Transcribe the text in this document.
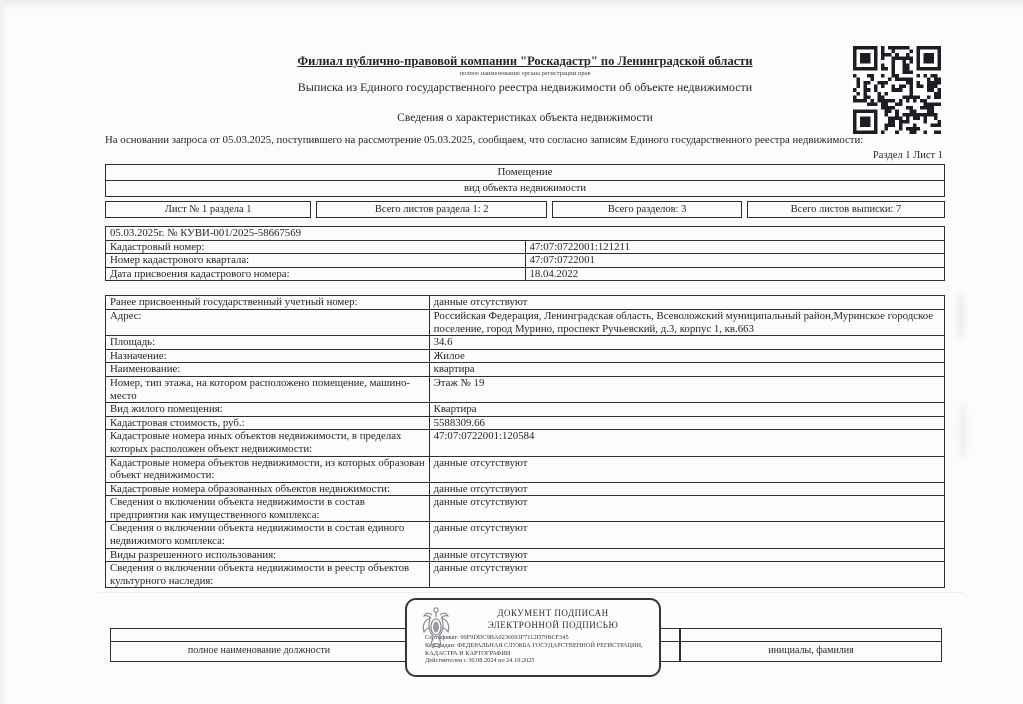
Филиал публично-правовой компании "Роскадастр" по Ленинградской области
полное наименование органа регистрации прав
Выписка из Единого государственного реестра недвижимости об объекте недвижимости
Сведения о характеристиках объекта недвижимости
На основании запроса от 05.03.2025, поступившего на рассмотрение 05.03.2025, сообщаем, что согласно записям Единого государственного реестра недвижимости:
Раздел 1 Лист 1
Помещение
вид объекта недвижимости
Лист № 1 раздела 1	Всего листов раздела 1: 2	Всего разделов: 3	Всего листов выписки: 7
05.03.2025г. № КУВИ-001/2025-58667569	
Кадастровый номер:	47:07:0722001:121211
Номер кадастрового квартала:	47:07:0722001
Дата присвоения кадастрового номера:	18.04.2022
Ранее присвоенный государственный учетный номер:	данные отсутствуют
Адрес:	Российская Федерация, Ленинградская область, Всеволожский муниципальный район,Муринское городское поселение, город Мурино, проспект Ручьевский, д.3, корпус 1, кв.663
Площадь:	34.6
Назначение:	Жилое
Наименование:	квартира
Номер, тип этажа, на котором расположено помещение, машино-место	Этаж № 19
Вид жилого помещения:	Квартира
Кадастровая стоимость, руб.:	5588309.66
Кадастровые номера иных объектов недвижимости, в пределах которых расположен объект недвижимости:	47:07:0722001:120584
Кадастровые номера объектов недвижимости, из которых образован объект недвижимости:	данные отсутствуют
Кадастровые номера образованных объектов недвижимости:	данные отсутствуют
Сведения о включении объекта недвижимости в состав предприятия как имущественного комплекса:	данные отсутствуют
Сведения о включении объекта недвижимости в состав единого недвижимого комплекса:	данные отсутствуют
Виды разрешенного использования:	данные отсутствуют
Сведения о включении объекта недвижимости в реестр объектов культурного наследия:	данные отсутствуют
полное наименование должности	инициалы, фамилия
ДОКУМЕНТ ПОДПИСАН
ЭЛЕКТРОННОЙ ПОДПИСЬЮ
Сертификат: 00F9DDC9BA0236693F7112D79BCF345
Кем выдан: ФЕДЕРАЛЬНАЯ СЛУЖБА ГОСУДАРСТВЕННОЙ РЕГИСТРАЦИИ, КАДАСТРА И КАРТОГРАФИИ
Действителен с 30.08.2024 по 24.10.2025
